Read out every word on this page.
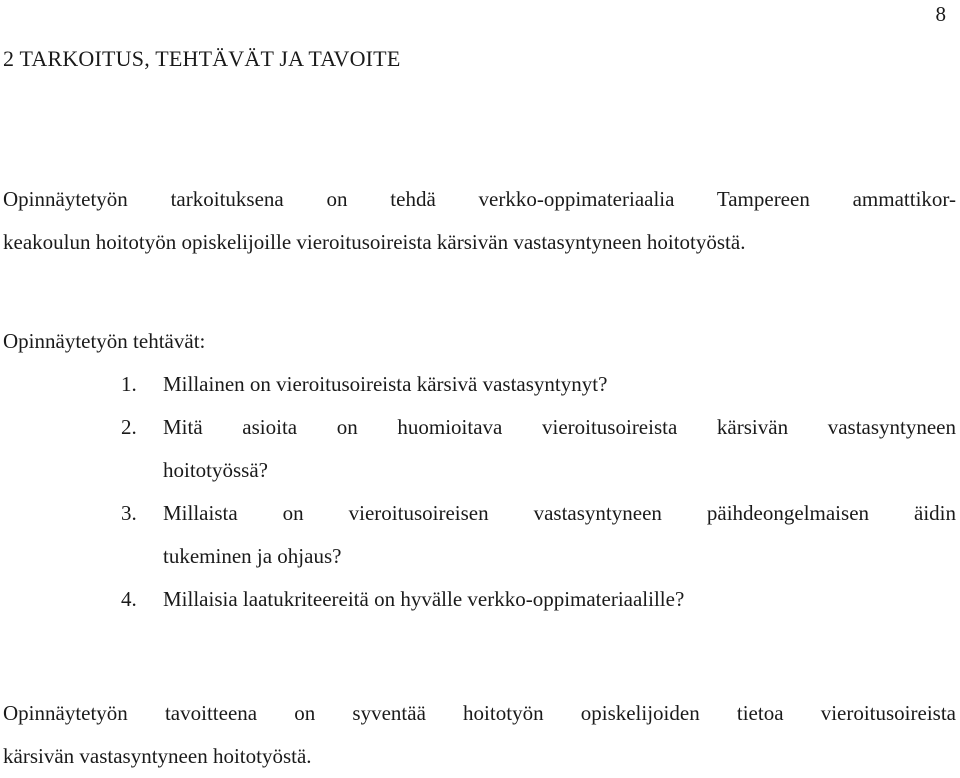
8
2 TARKOITUS, TEHTÄVÄT JA TAVOITE
Opinnäytetyön tarkoituksena on tehdä verkko-oppimateriaalia Tampereen ammattikor-
keakoulun hoitotyön opiskelijoille vieroitusoireista kärsivän vastasyntyneen hoitotyöstä.
Opinnäytetyön tehtävät:
1. Millainen on vieroitusoireista kärsivä vastasyntynyt?
2. Mitä asioita on huomioitava vieroitusoireista kärsivän vastasyntyneen
hoitotyössä?
3. Millaista on vieroitusoireisen vastasyntyneen päihdeongelmaisen äidin
tukeminen ja ohjaus?
4. Millaisia laatukriteereitä on hyvälle verkko-oppimateriaalille?
Opinnäytetyön tavoitteena on syventää hoitotyön opiskelijoiden tietoa vieroitusoireista
kärsivän vastasyntyneen hoitotyöstä.
